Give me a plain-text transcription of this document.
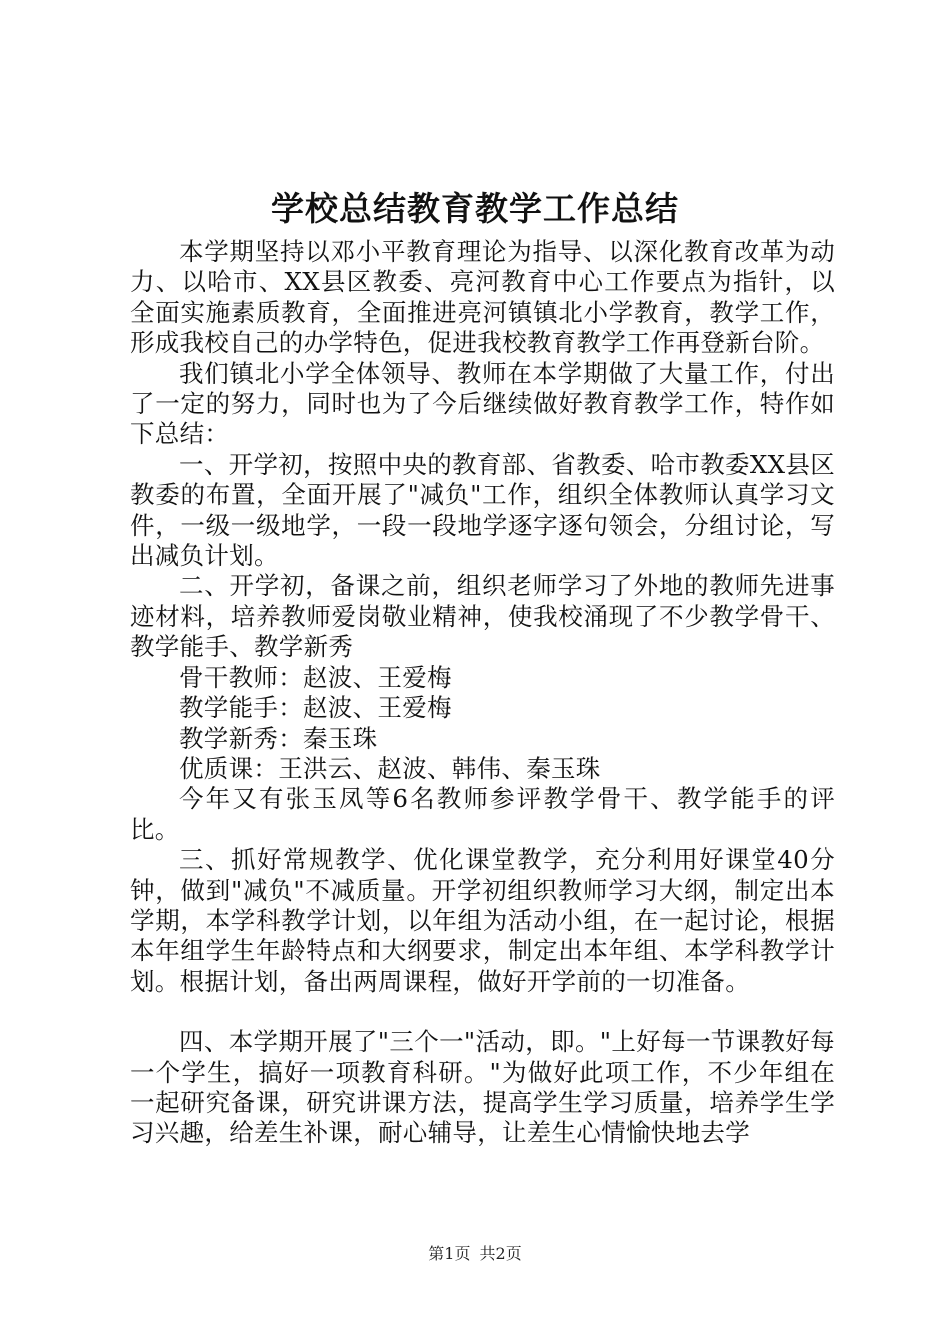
学校总结教育教学工作总结

本学期坚持以邓小平教育理论为指导、以深化教育改革为动力、以哈市、XX县区教委、亮河教育中心工作要点为指针，以全面实施素质教育，全面推进亮河镇镇北小学教育，教学工作，形成我校自己的办学特色，促进我校教育教学工作再登新台阶。

我们镇北小学全体领导、教师在本学期做了大量工作，付出了一定的努力，同时也为了今后继续做好教育教学工作，特作如下总结：

一、开学初，按照中央的教育部、省教委、哈市教委XX县区教委的布置，全面开展了"减负"工作，组织全体教师认真学习文件，一级一级地学，一段一段地学逐字逐句领会，分组讨论，写出减负计划。

二、开学初，备课之前，组织老师学习了外地的教师先进事迹材料，培养教师爱岗敬业精神，使我校涌现了不少教学骨干、教学能手、教学新秀

骨干教师：赵波、王爱梅

教学能手：赵波、王爱梅

教学新秀：秦玉珠

优质课：王洪云、赵波、韩伟、秦玉珠

今年又有张玉凤等6名教师参评教学骨干、教学能手的评比。

三、抓好常规教学、优化课堂教学，充分利用好课堂40分钟，做到"减负"不减质量。开学初组织教师学习大纲，制定出本学期，本学科教学计划，以年组为活动小组，在一起讨论，根据本年组学生年龄特点和大纲要求，制定出本年组、本学科教学计划。根据计划，备出两周课程，做好开学前的一切准备。

四、本学期开展了"三个一"活动，即。"上好每一节课教好每一个学生，搞好一项教育科研。"为做好此项工作，不少年组在一起研究备课，研究讲课方法，提高学生学习质量，培养学生学习兴趣，给差生补课，耐心辅导，让差生心情愉快地去学

第1页 共2页
